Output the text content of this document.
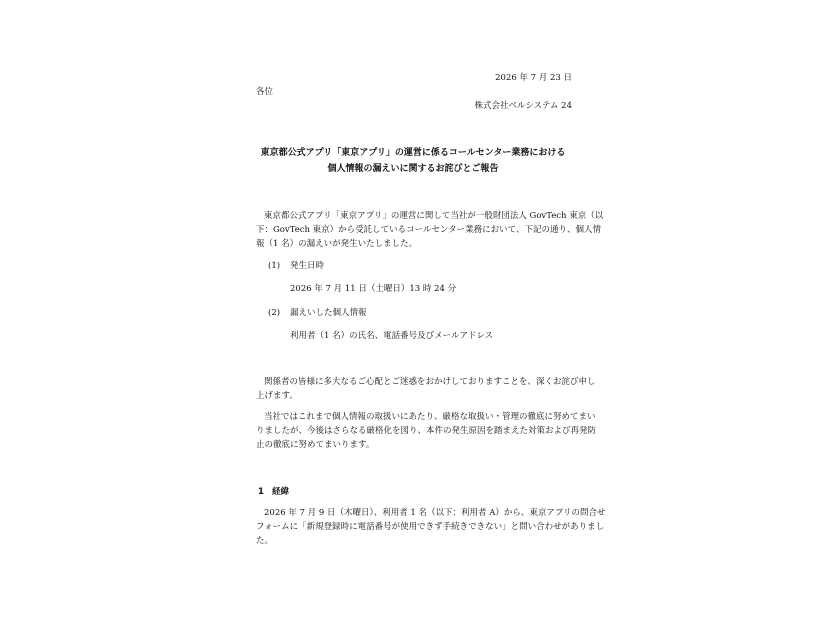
2026 年 7 月 23 日
各位
株式会社ベルシステム 24
東京都公式アプリ「東京アプリ」の運営に係るコールセンター業務における
個人情報の漏えいに関するお詫びとご報告
東京都公式アプリ「東京アプリ」の運営に関して当社が一般財団法人 GovTech 東京（以
下：GovTech 東京）から受託しているコールセンター業務において、下記の通り、個人情
報（1 名）の漏えいが発生いたしました。
(1) 発生日時
2026 年 7 月 11 日（土曜日）13 時 24 分
(2) 漏えいした個人情報
利用者（1 名）の氏名、電話番号及びメールアドレス
関係者の皆様に多大なるご心配とご迷惑をおかけしておりますことを、深くお詫び申し
上げます。
当社ではこれまで個人情報の取扱いにあたり、厳格な取扱い・管理の徹底に努めてまい
りましたが、今後はさらなる厳格化を図り、本件の発生原因を踏まえた対策および再発防
止の徹底に努めてまいります。
1 経緯
2026 年 7 月 9 日（木曜日）、利用者 1 名（以下：利用者 A）から、東京アプリの問合せ
フォームに「新規登録時に電話番号が使用できず手続きできない」と問い合わせがありまし
た。
